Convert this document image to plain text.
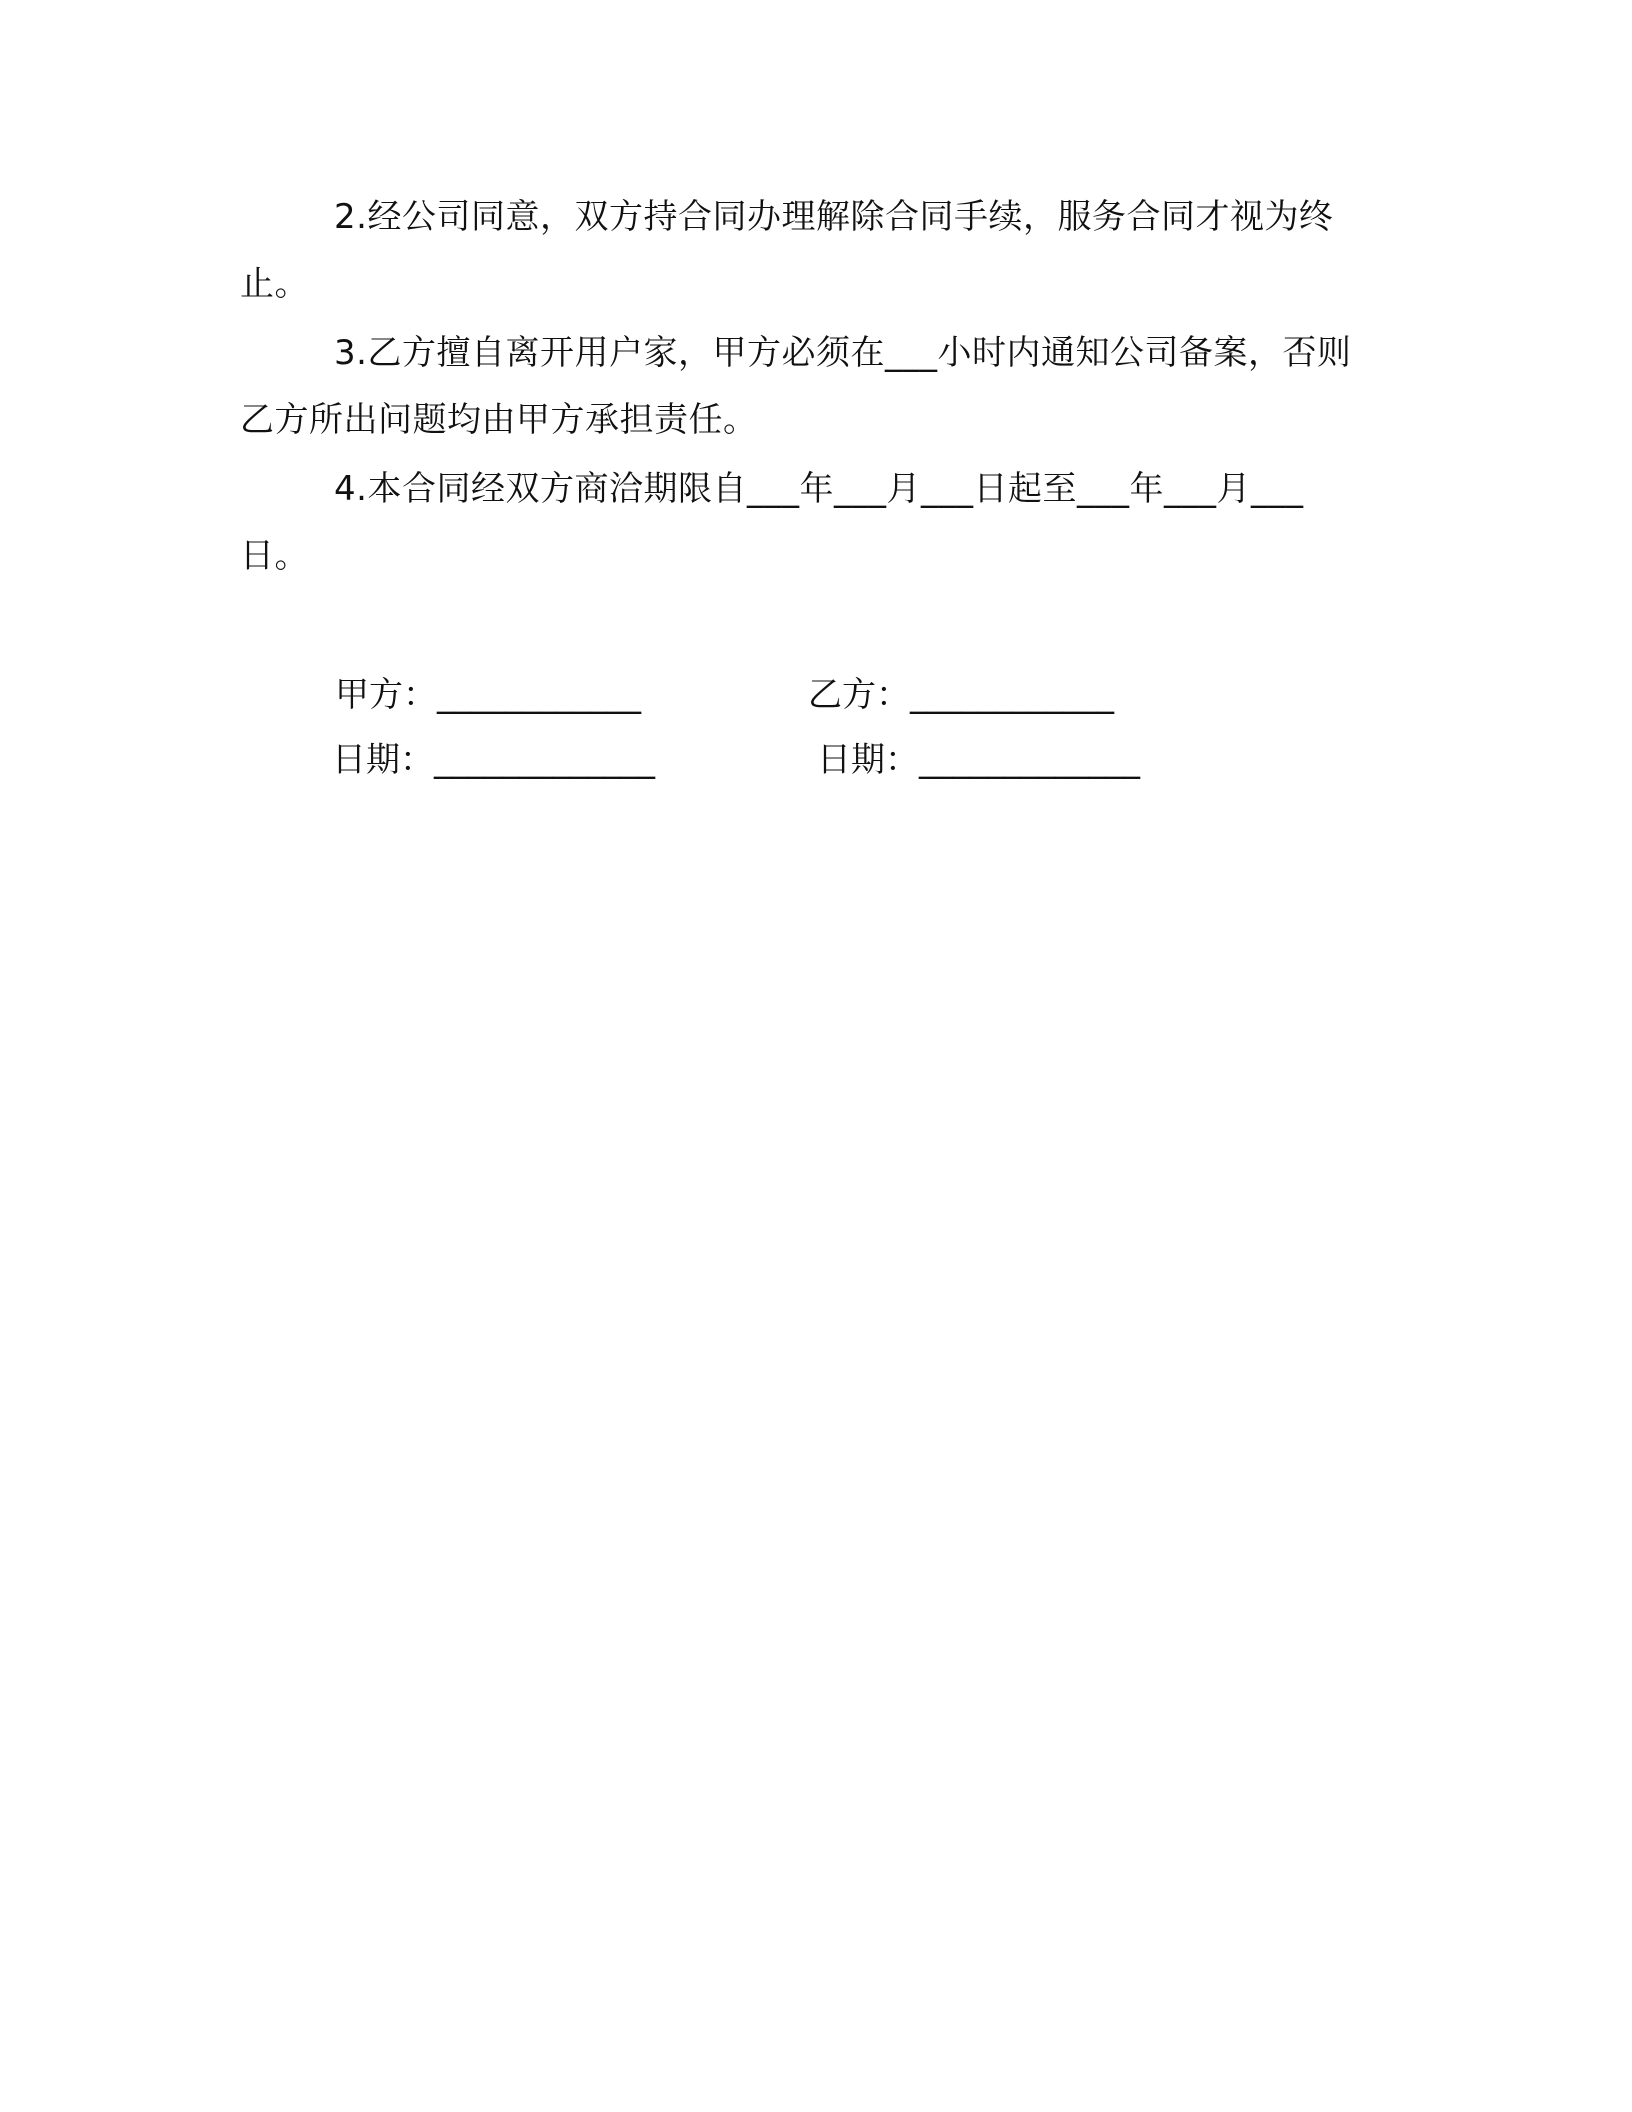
2.经公司同意，双方持合同办理解除合同手续，服务合同才视为终止。

3.乙方擅自离开用户家，甲方必须在___小时内通知公司备案，否则乙方所出问题均由甲方承担责任。

4.本合同经双方商洽期限自___年___月___日起至___年___月___日。

甲方：____________	乙方：____________

日期：_____________	日期：_____________
